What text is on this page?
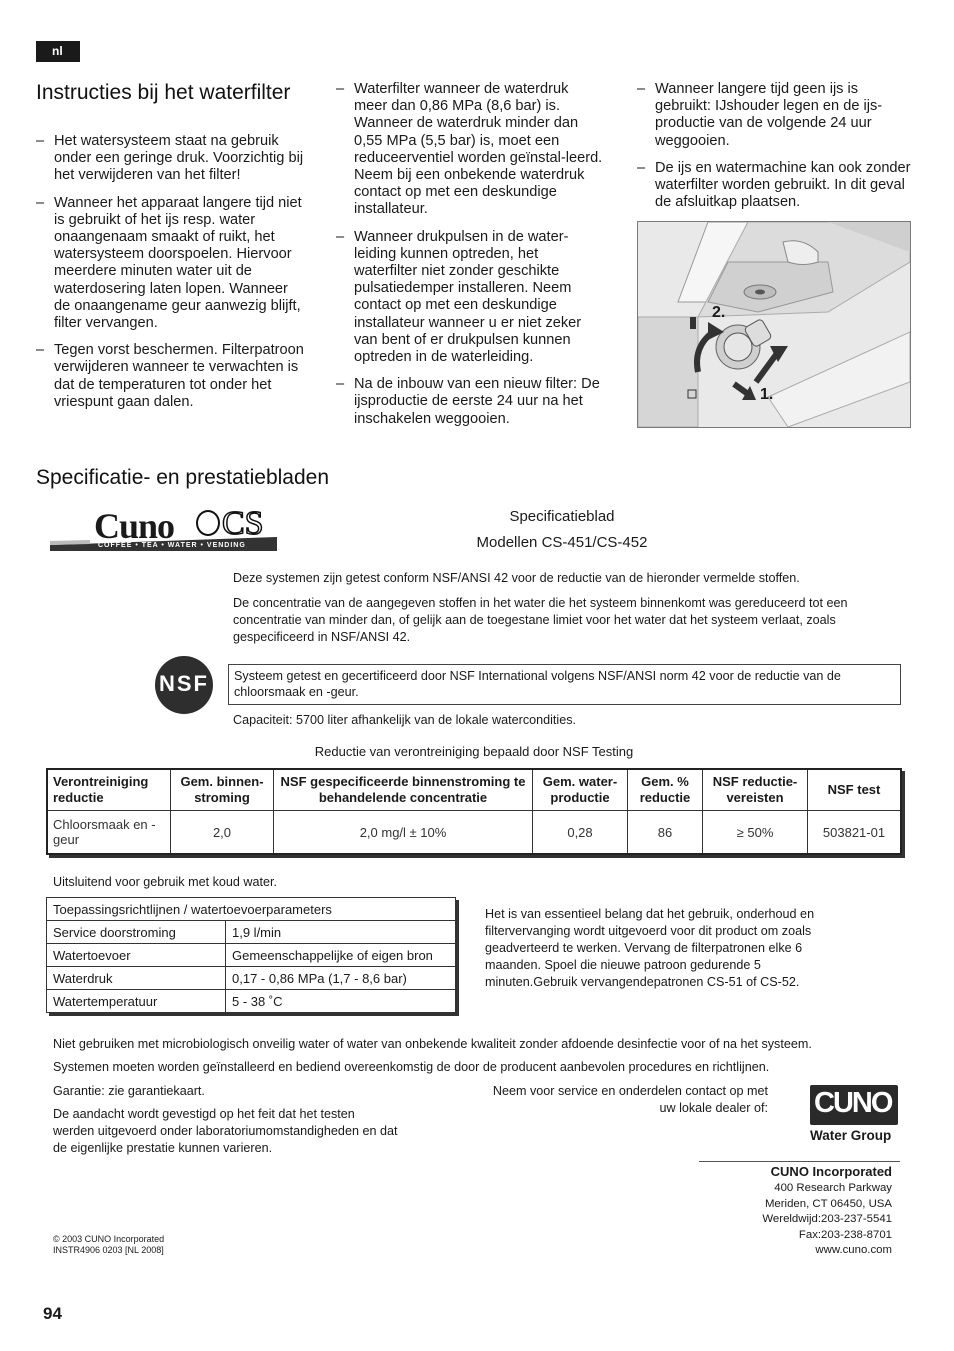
nl
Instructies bij het waterfilter
– Het watersysteem staat na gebruik onder een geringe druk. Voorzichtig bij het verwijderen van het filter!
– Wanneer het apparaat langere tijd niet is gebruikt of het ijs resp. water onaangenaam smaakt of ruikt, het watersysteem doorspoelen. Hiervoor meerdere minuten water uit de waterdosering laten lopen. Wanneer de onaangename geur aanwezig blijft, filter vervangen.
– Tegen vorst beschermen. Filterpatroon verwijderen wanneer te verwachten is dat de temperaturen tot onder het vriespunt gaan dalen.
– Waterfilter wanneer de waterdruk meer dan 0,86 MPa (8,6 bar) is. Wanneer de waterdruk minder dan 0,55 MPa (5,5 bar) is, moet een reduceerventiel worden geïnstal-leerd. Neem bij een onbekende waterdruk contact op met een deskundige installateur.
– Wanneer drukpulsen in de water-leiding kunnen optreden, het waterfilter niet zonder geschikte pulsatiedemper installeren. Neem contact op met een deskundige installateur wanneer u er niet zeker van bent of er drukpulsen kunnen optreden in de waterleiding.
– Na de inbouw van een nieuw filter: De ijsproductie de eerste 24 uur na het inschakelen weggooien.
– Wanneer langere tijd geen ijs is gebruikt: IJshouder legen en de ijs-productie van de volgende 24 uur weggooien.
– De ijs en watermachine kan ook zonder waterfilter worden gebruikt. In dit geval de afsluitkap plaatsen.
2.
1.
Specificatie- en prestatiebladen
Cuno CS
COFFEE • TEA • WATER • VENDING
Specificatieblad
Modellen CS-451/CS-452
Deze systemen zijn getest conform NSF/ANSI 42 voor de reductie van de hieronder vermelde stoffen.
De concentratie van de aangegeven stoffen in het water die het systeem binnenkomt was gereduceerd tot een concentratie van minder dan, of gelijk aan de toegestane limiet voor het water dat het systeem verlaat, zoals gespecificeerd in NSF/ANSI 42.
NSF	Systeem getest en gecertificeerd door NSF International volgens NSF/ANSI norm 42 voor de reductie van de chloorsmaak en -geur.
Capaciteit: 5700 liter afhankelijk van de lokale watercondities.
Reductie van verontreiniging bepaald door NSF Testing
Verontreiniging reductie	Gem. binnen-stroming	NSF gespecificeerde binnenstroming te behandelende concentratie	Gem. water-productie	Gem. % reductie	NSF reductie-vereisten	NSF test
Chloorsmaak en -geur	2,0	2,0 mg/l ± 10%	0,28	86	≥ 50%	503821-01
Uitsluitend voor gebruik met koud water.
Toepassingsrichtlijnen / watertoevoerparameters	
Service doorstroming	1,9 l/min
Watertoevoer	Gemeenschappelijke of eigen bron
Waterdruk	0,17 - 0,86 MPa (1,7 - 8,6 bar)
Watertemperatuur	5 - 38 ˚C
Het is van essentieel belang dat het gebruik, onderhoud en filtervervanging wordt uitgevoerd voor dit product om zoals geadverteerd te werken. Vervang de filterpatronen elke 6 maanden. Spoel die nieuwe patroon gedurende 5 minuten.Gebruik vervangendepatronen CS-51 of CS-52.
Niet gebruiken met microbiologisch onveilig water of water van onbekende kwaliteit zonder afdoende desinfectie voor of na het systeem.
Systemen moeten worden geïnstalleerd en bediend overeenkomstig de door de producent aanbevolen procedures en richtlijnen.
Garantie: zie garantiekaart.
De aandacht wordt gevestigd op het feit dat het testen werden uitgevoerd onder laboratoriumomstandigheden en dat de eigenlijke prestatie kunnen varieren.
Neem voor service en onderdelen contact op met uw lokale dealer of: CUNO
Water Group
CUNO Incorporated
400 Research Parkway
Meriden, CT 06450, USA
Wereldwijd:203-237-5541
Fax:203-238-8701
www.cuno.com
© 2003 CUNO Incorporated
INSTR4906 0203 [NL 2008]
94
